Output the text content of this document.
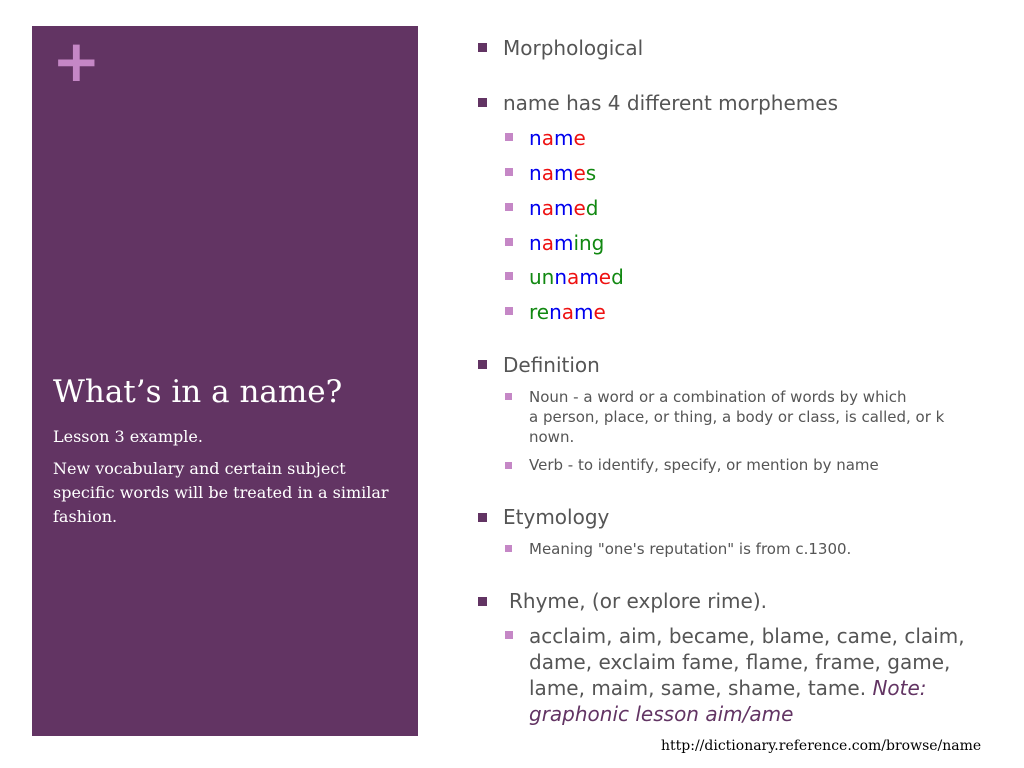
+
What’s in a name?

Lesson 3 example.

New vocabulary and certain subject specific words will be treated in a similar fashion.

Morphological
name has 4 different morphemes
name
names
named
naming
unnamed
rename
Definition
Noun - a word or a combination of words by which
a person, place, or thing, a body or class, is called, or k
nown.
Verb - to identify, specify, or mention by name
Etymology
Meaning "one's reputation" is from c.1300.
Rhyme, (or explore rime).
acclaim, aim, became, blame, came, claim, dame, exclaim fame, flame, frame, game, lame, maim, same, shame, tame. Note: graphonic lesson aim/ame
http://dictionary.reference.com/browse/name
